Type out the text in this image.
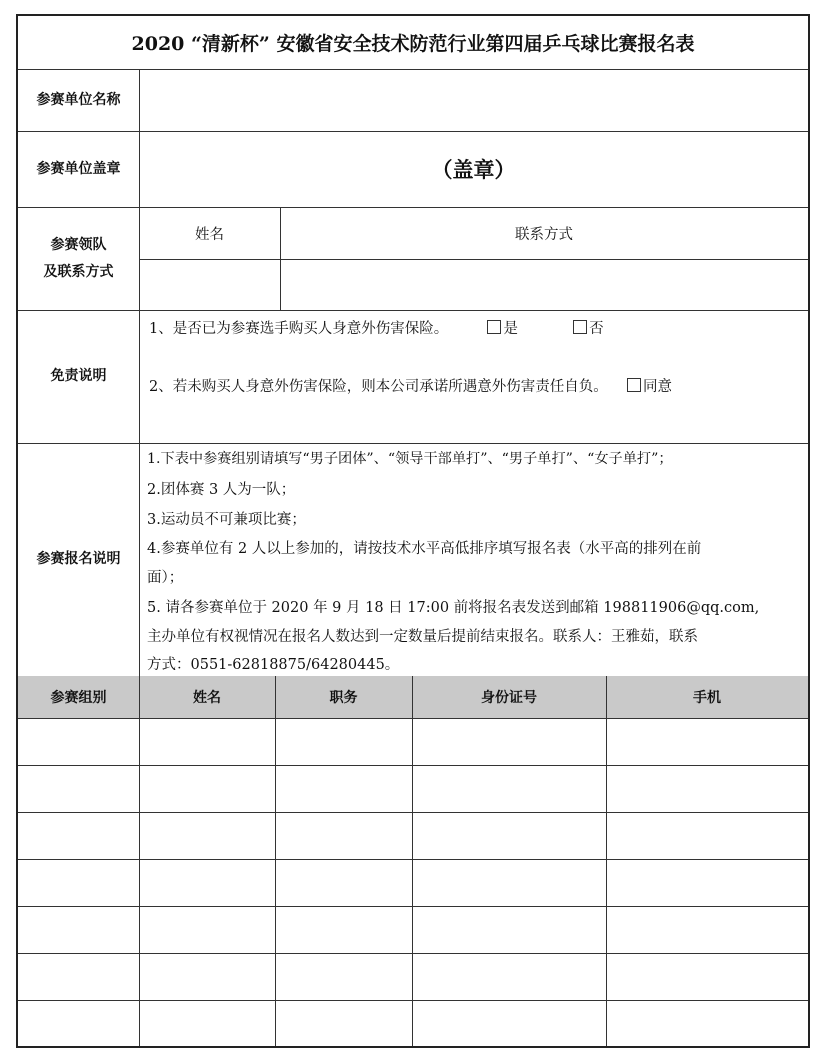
2020 “清新杯” 安徽省安全技术防范行业第四届乒乓球比赛报名表
参赛单位名称
参赛单位盖章	（盖章）
参赛领队
及联系方式
姓名	联系方式
免责说明
1、是否已为参赛选手购买人身意外伤害保险。	是	否
2、若未购买人身意外伤害保险，则本公司承诺所遇意外伤害责任自负。 同意
参赛报名说明
1.下表中参赛组别请填写“男子团体”、“领导干部单打”、“男子单打”、“女子单打”；
2.团体赛 3 人为一队；
3.运动员不可兼项比赛；
4.参赛单位有 2 人以上参加的，请按技术水平高低排序填写报名表（水平高的排列在前
面）；
5. 请各参赛单位于 2020 年 9 月 18 日 17:00 前将报名表发送到邮箱 198811906@qq.com,
主办单位有权视情况在报名人数达到一定数量后提前结束报名。联系人：王雅茹，联系
方式：0551-62818875/64280445。
参赛组别	姓名	职务	身份证号	手机
